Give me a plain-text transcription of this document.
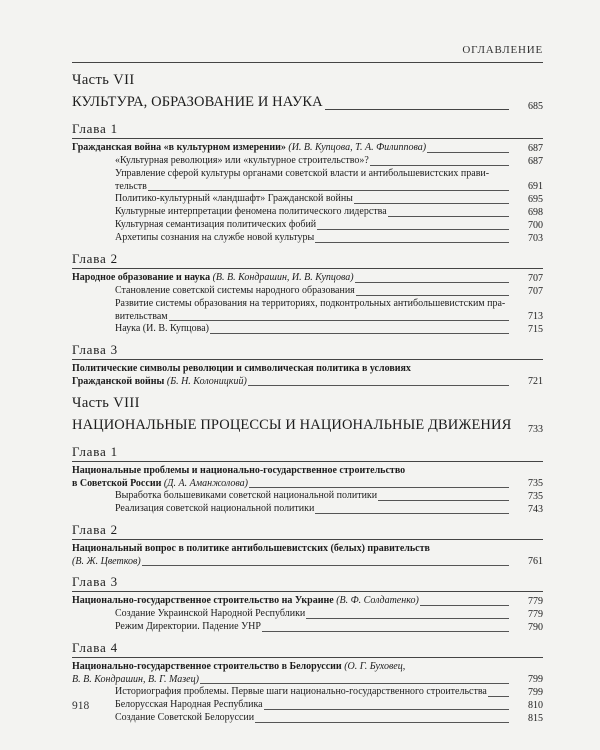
ОГЛАВЛЕНИЕ
Часть VII
КУЛЬТУРА, ОБРАЗОВАНИЕ И НАУКА	685
Глава 1
Гражданская война «в культурном измерении» (И. В. Купцова, Т. А. Филиппова)	687
«Культурная революция» или «культурное строительство»?	687
Управление сферой культуры органами советской власти и антибольшевистских прави-
тельств	691
Политико-культурный «ландшафт» Гражданской войны	695
Культурные интерпретации феномена политического лидерства	698
Культурная семантизация политических фобий	700
Архетипы сознания на службе новой культуры	703
Глава 2
Народное образование и наука (В. В. Кондрашин, И. В. Купцова)	707
Становление советской системы народного образования	707
Развитие системы образования на территориях, подконтрольных антибольшевистским пра-
вительствам	713
Наука (И. В. Купцова)	715
Глава 3
Политические символы революции и символическая политика в условиях
Гражданской войны (Б. Н. Колоницкий)	721
Часть VIII
НАЦИОНАЛЬНЫЕ ПРОЦЕССЫ И НАЦИОНАЛЬНЫЕ ДВИЖЕНИЯ 733
Глава 1
Национальные проблемы и национально-государственное строительство
в Советской России (Д. А. Аманжолова)	735
Выработка большевиками советской национальной политики	735
Реализация советской национальной политики	743
Глава 2
Национальный вопрос в политике антибольшевистских (белых) правительств
(В. Ж. Цветков)	761
Глава 3
Национально-государственное строительство на Украине (В. Ф. Солдатенко)	779
Создание Украинской Народной Республики	779
Режим Директории. Падение УНР	790
Глава 4
Национально-государственное строительство в Белоруссии (О. Г. Буховец,
В. В. Кондрашин, В. Г. Мазец)	799
Историография проблемы. Первые шаги национально-государственного строительства	799
Белорусская Народная Республика	810
Создание Советской Белоруссии	815
918
